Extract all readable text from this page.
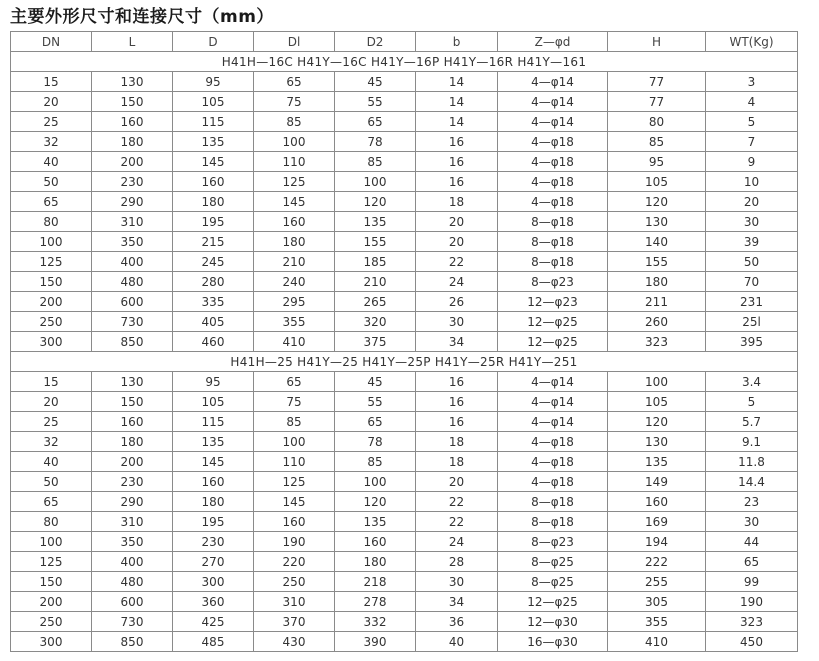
主要外形尺寸和连接尺寸（mm）
DN	L	D	Dl	D2	b	Z—φd	H	WT(Kg)
H41H—16C H41Y—16C H41Y—16P H41Y—16R H41Y—161								
15	130	95	65	45	14	4—φ14	77	3
20	150	105	75	55	14	4—φ14	77	4
25	160	115	85	65	14	4—φ14	80	5
32	180	135	100	78	16	4—φ18	85	7
40	200	145	110	85	16	4—φ18	95	9
50	230	160	125	100	16	4—φ18	105	10
65	290	180	145	120	18	4—φ18	120	20
80	310	195	160	135	20	8—φ18	130	30
100	350	215	180	155	20	8—φ18	140	39
125	400	245	210	185	22	8—φ18	155	50
150	480	280	240	210	24	8—φ23	180	70
200	600	335	295	265	26	12—φ23	211	231
250	730	405	355	320	30	12—φ25	260	25l
300	850	460	410	375	34	12—φ25	323	395
H41H—25 H41Y—25 H41Y—25P H41Y—25R H41Y—251								
15	130	95	65	45	16	4—φ14	100	3.4
20	150	105	75	55	16	4—φ14	105	5
25	160	115	85	65	16	4—φ14	120	5.7
32	180	135	100	78	18	4—φ18	130	9.1
40	200	145	110	85	18	4—φ18	135	11.8
50	230	160	125	100	20	4—φ18	149	14.4
65	290	180	145	120	22	8—φ18	160	23
80	310	195	160	135	22	8—φ18	169	30
100	350	230	190	160	24	8—φ23	194	44
125	400	270	220	180	28	8—φ25	222	65
150	480	300	250	218	30	8—φ25	255	99
200	600	360	310	278	34	12—φ25	305	190
250	730	425	370	332	36	12—φ30	355	323
300	850	485	430	390	40	16—φ30	410	450
